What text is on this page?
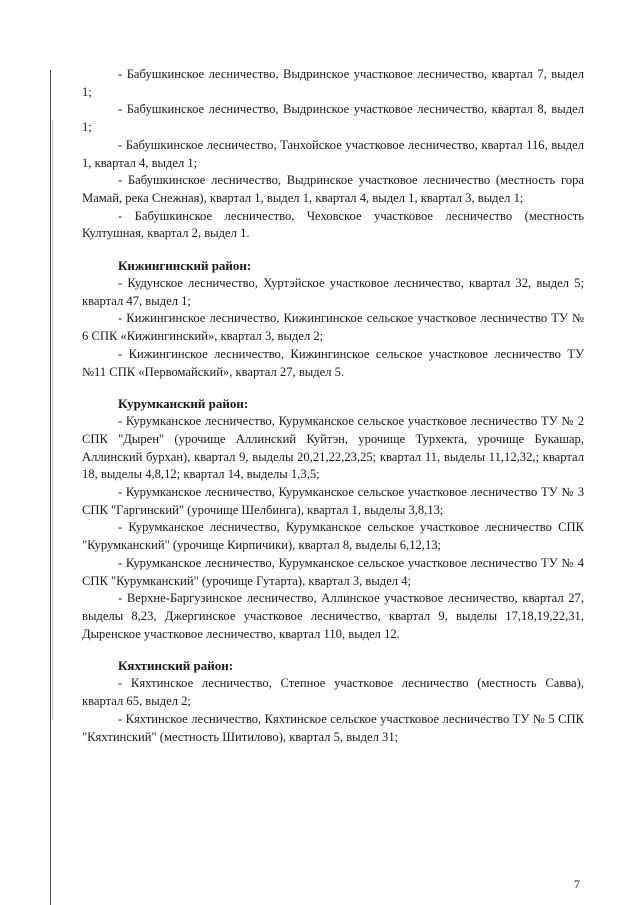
- Бабушкинское лесничество, Выдринское участковое лесничество, квартал 7, выдел 1;

- Бабушкинское лесничество, Выдринское участковое лесничество, квартал 8, выдел 1;

- Бабушкинское лесничество, Танхойское участковое лесничество, квартал 116, выдел 1, квартал 4, выдел 1;

- Бабушкинское лесничество, Выдринское участковое лесничество (местность гора Мамай, река Снежная), квартал 1, выдел 1, квартал 4, выдел 1, квартал 3, выдел 1;

- Бабушкинское лесничество, Чеховское участковое лесничество (местность Култушная, квартал 2, выдел 1.

Кижингинский район:

- Кудунское лесничество, Хуртэйское участковое лесничество, квартал 32, выдел 5; квартал 47, выдел 1;

- Кижингинское лесничество, Кижингинское сельское участковое лесничество ТУ № 6 СПК «Кижингинский», квартал 3, выдел 2;

- Кижингинское лесничество, Кижингинское сельское участковое лесничество ТУ №11 СПК «Первомайский», квартал 27, выдел 5.

Курумканский район:

- Курумканское лесничество, Курумканское сельское участковое лесничество ТУ № 2 СПК "Дырен" (урочище Аллинский Куйтэн, урочище Турхекта, урочище Букашар, Аллинский бурхан), квартал 9, выделы 20,21,22,23,25; квартал 11, выделы 11,12,32,; квартал 18, выделы 4,8,12; квартал 14, выделы 1,3,5;

- Курумканское лесничество, Курумканское сельское участковое лесничество ТУ № 3 СПК "Гаргинский" (урочище Шелбинга), квартал 1, выделы 3,8,13;

- Курумканское лесничество, Курумканское сельское участковое лесничество СПК "Курумканский" (урочище Кирпичики), квартал 8, выделы 6,12,13;

- Курумканское лесничество, Курумканское сельское участковое лесничество ТУ № 4 СПК "Курумканский" (урочище Гутарта), квартал 3, выдел 4;

- Верхне-Баргузинское лесничество, Аллинское участковое лесничество, квартал 27, выделы 8,23, Джергинское участковое лесничество, квартал 9, выделы 17,18,19,22,31, Дыренское участковое лесничество, квартал 110, выдел 12.

Кяхтинский район:

- Кяхтинское лесничество, Степное участковое лесничество (местность Савва), квартал 65, выдел 2;

- Кяхтинское лесничество, Кяхтинское сельское участковое лесничество ТУ № 5 СПК "Кяхтинский" (местность Шитилово), квартал 5, выдел 31;

7
